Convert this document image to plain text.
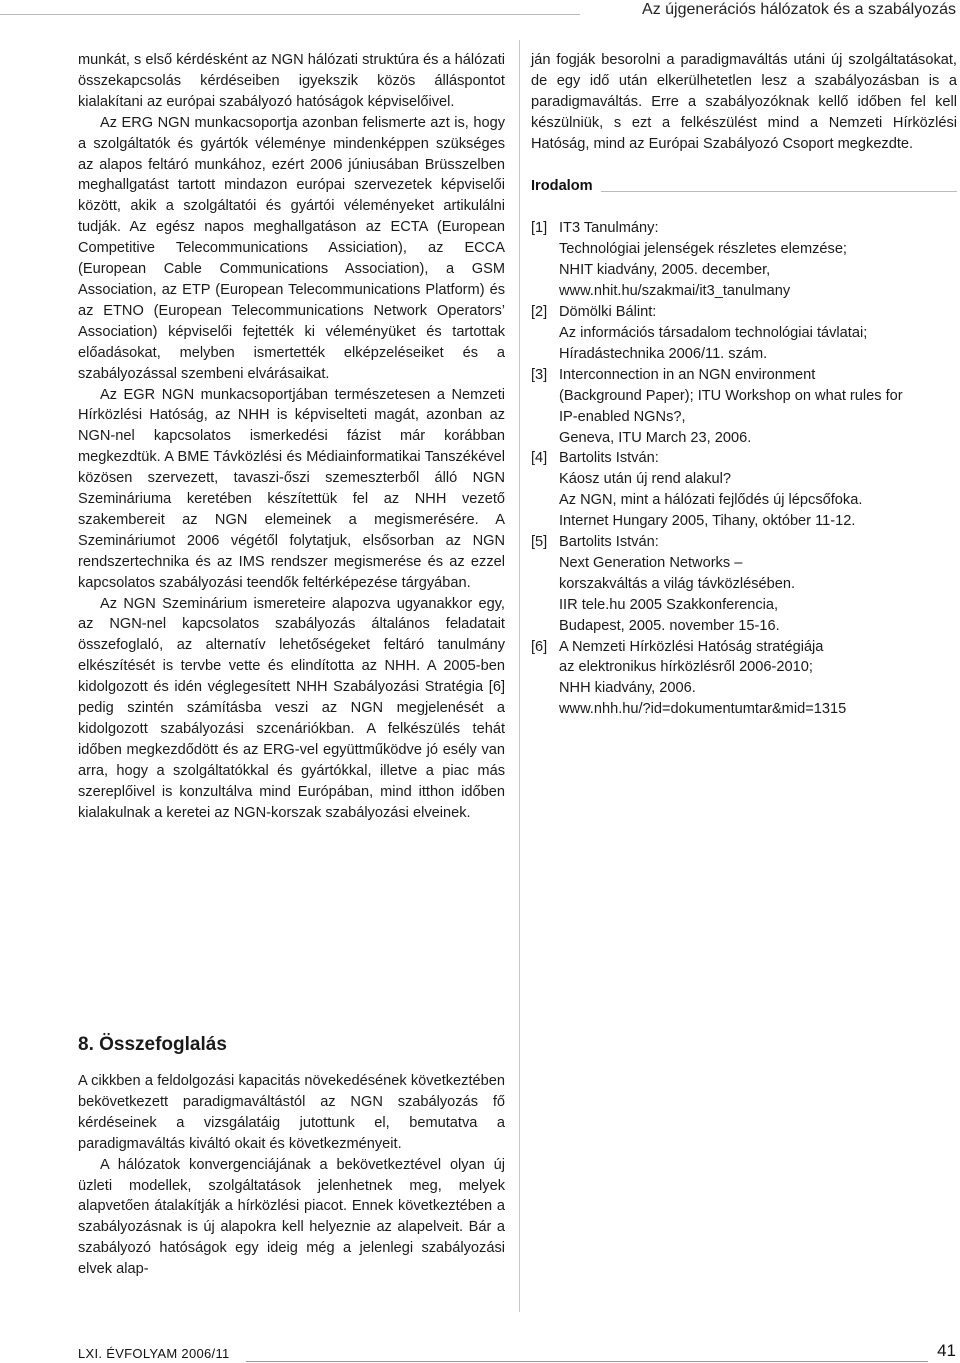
Az újgenerációs hálózatok és a szabályozás

munkát, s első kérdésként az NGN hálózati struktúra és a hálózati összekapcsolás kérdéseiben igyekszik közös álláspontot kialakítani az európai szabályozó hatóságok képviselőivel.

Az ERG NGN munkacsoportja azonban felismerte azt is, hogy a szolgáltatók és gyártók véleménye mindenképpen szükséges az alapos feltáró munkához, ezért 2006 júniusában Brüsszelben meghallgatást tartott mindazon európai szervezetek képviselői között, akik a szolgáltatói és gyártói véleményeket artikulálni tudják. Az egész napos meghallgatáson az ECTA (European Competitive Telecommunications Assiciation), az ECCA (European Cable Communications Association), a GSM Association, az ETP (European Telecommunications Platform) és az ETNO (European Telecommunications Network Operators’ Association) képviselői fejtették ki véleményüket és tartottak előadásokat, melyben ismertették elképzeléseiket és a szabályozással szembeni elvárásaikat.

Az EGR NGN munkacsoportjában természetesen a Nemzeti Hírközlési Hatóság, az NHH is képviselteti magát, azonban az NGN-nel kapcsolatos ismerkedési fázist már korábban megkezdtük. A BME Távközlési és Médiainformatikai Tanszékével közösen szervezett, tavaszi-őszi szemeszterből álló NGN Szemináriuma keretében készítettük fel az NHH vezető szakembereit az NGN elemeinek a megismerésére. A Szemináriumot 2006 végétől folytatjuk, elsősorban az NGN rendszertechnika és az IMS rendszer megismerése és az ezzel kapcsolatos szabályozási teendők feltérképezése tárgyában.

Az NGN Szeminárium ismereteire alapozva ugyanakkor egy, az NGN-nel kapcsolatos szabályozás általános feladatait összefoglaló, az alternatív lehetőségeket feltáró tanulmány elkészítését is tervbe vette és elindította az NHH. A 2005-ben kidolgozott és idén véglegesített NHH Szabályozási Stratégia [6] pedig szintén számításba veszi az NGN megjelenését a kidolgozott szabályozási szcenáriókban. A felkészülés tehát időben megkezdődött és az ERG-vel együttműködve jó esély van arra, hogy a szolgáltatókkal és gyártókkal, illetve a piac más szereplőivel is konzultálva mind Európában, mind itthon időben kialakulnak a keretei az NGN-korszak szabályozási elveinek.

8. Összefoglalás

A cikkben a feldolgozási kapacitás növekedésének következtében bekövetkezett paradigmaváltástól az NGN szabályozás fő kérdéseinek a vizsgálatáig jutottunk el, bemutatva a paradigmaváltás kiváltó okait és következményeit.

A hálózatok konvergenciájának a bekövetkeztével olyan új üzleti modellek, szolgáltatások jelenhetnek meg, melyek alapvetően átalakítják a hírközlési piacot. Ennek következtében a szabályozásnak is új alapokra kell helyeznie az alapelveit. Bár a szabályozó hatóságok egy ideig még a jelenlegi szabályozási elvek alap-

ján fogják besorolni a paradigmaváltás utáni új szolgáltatásokat, de egy idő után elkerülhetetlen lesz a szabályozásban is a paradigmaváltás. Erre a szabályozóknak kellő időben fel kell készülniük, s ezt a felkészülést mind a Nemzeti Hírközlési Hatóság, mind az Európai Szabályozó Csoport megkezdte.

Irodalom
[1] IT3 Tanulmány:
Technológiai jelenségek részletes elemzése;
NHIT kiadvány, 2005. december,
www.nhit.hu/szakmai/it3_tanulmany
[2] Dömölki Bálint:
Az információs társadalom technológiai távlatai;
Híradástechnika 2006/11. szám.
[3] Interconnection in an NGN environment
(Background Paper); ITU Workshop on what rules for
IP-enabled NGNs?,
Geneva, ITU March 23, 2006.
[4] Bartolits István:
Káosz után új rend alakul?
Az NGN, mint a hálózati fejlődés új lépcsőfoka.
Internet Hungary 2005, Tihany, október 11-12.
[5] Bartolits István:
Next Generation Networks –
korszakváltás a világ távközlésében.
IIR tele.hu 2005 Szakkonferencia,
Budapest, 2005. november 15-16.
[6] A Nemzeti Hírközlési Hatóság stratégiája
az elektronikus hírközlésről 2006-2010;
NHH kiadvány, 2006.
www.nhh.hu/?id=dokumentumtar&mid=1315
LXI. ÉVFOLYAM 2006/11	41
